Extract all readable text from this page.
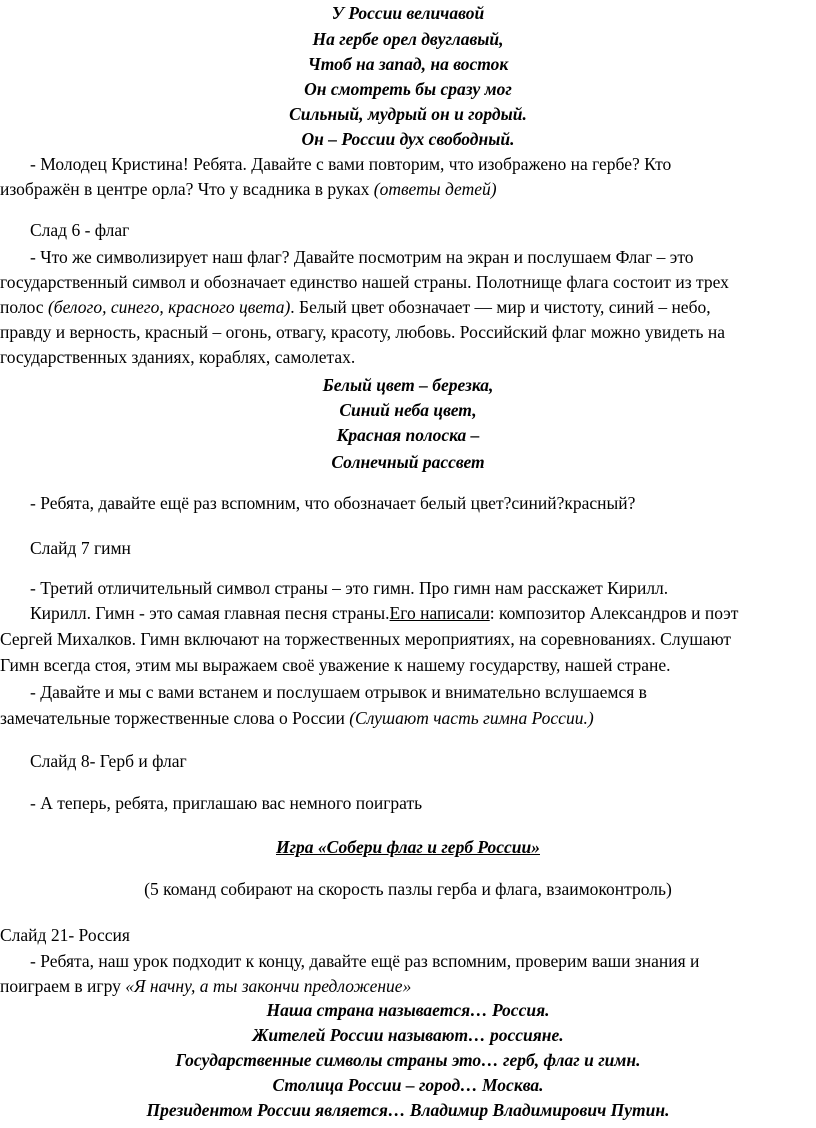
У России величавой
На гербе орел двуглавый,
Чтоб на запад, на восток
Он смотреть бы сразу мог
Сильный, мудрый он и гордый.
Он – России дух свободный.
- Молодец Кристина! Ребята. Давайте с вами повторим, что изображено на гербе? Кто
изображён в центре орла? Что у всадника в руках (ответы детей)
Слад 6 - флаг
- Что же символизирует наш флаг? Давайте посмотрим на экран и послушаем Флаг – это
государственный символ и обозначает единство нашей страны. Полотнище флага состоит из трех
полос (белого, синего, красного цвета). Белый цвет обозначает — мир и чистоту, синий – небо,
правду и верность, красный – огонь, отвагу, красоту, любовь. Российский флаг можно увидеть на
государственных зданиях, кораблях, самолетах.
Белый цвет – березка,
Синий неба цвет,
Красная полоска –
Солнечный рассвет
- Ребята, давайте ещё раз вспомним, что обозначает белый цвет?синий?красный?
Слайд 7 гимн
- Третий отличительный символ страны – это гимн. Про гимн нам расскажет Кирилл.
Кирилл. Гимн - это самая главная песня страны.Его написали: композитор Александров и поэт
Сергей Михалков. Гимн включают на торжественных мероприятиях, на соревнованиях. Слушают
Гимн всегда стоя, этим мы выражаем своё уважение к нашему государству, нашей стране.
- Давайте и мы с вами встанем и послушаем отрывок и внимательно вслушаемся в
замечательные торжественные слова о России (Слушают часть гимна России.)
Слайд 8- Герб и флаг
- А теперь, ребята, приглашаю вас немного поиграть
Игра «Собери флаг и герб России»
(5 команд собирают на скорость пазлы герба и флага, взаимоконтроль)
Слайд 21- Россия
- Ребята, наш урок подходит к концу, давайте ещё раз вспомним, проверим ваши знания и
поиграем в игру «Я начну, а ты закончи предложение»
Наша страна называется… Россия.
Жителей России называют… россияне.
Государственные символы страны это… герб, флаг и гимн.
Столица России – город… Москва.
Президентом России является… Владимир Владимирович Путин.
